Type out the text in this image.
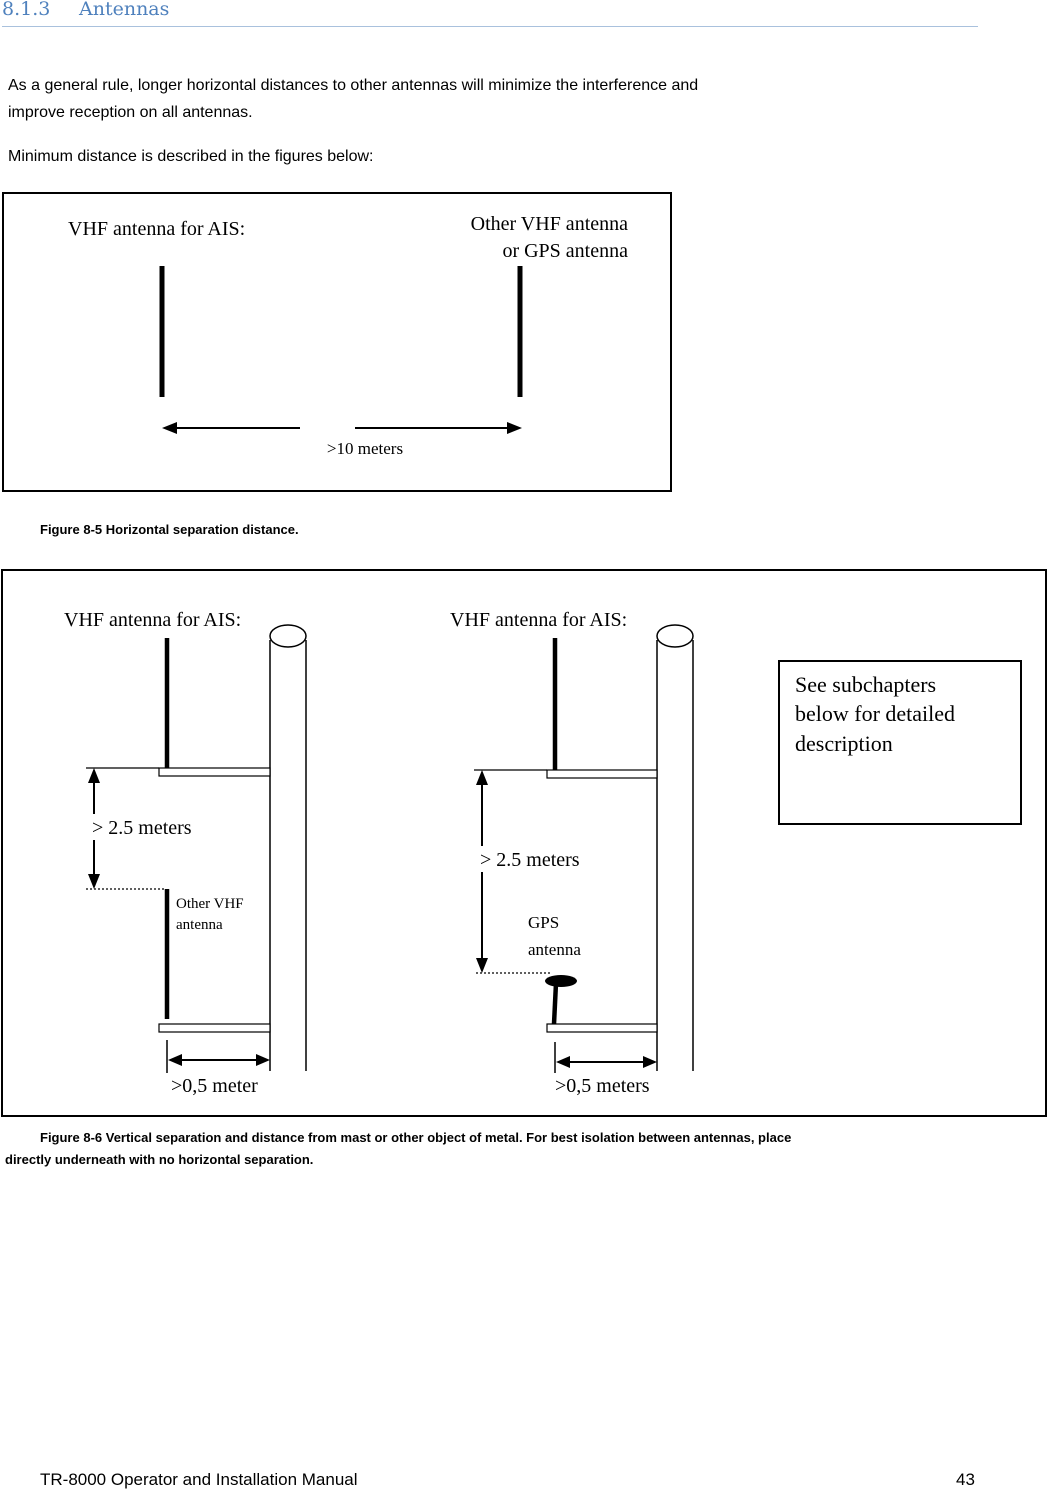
8.1.3 Antennas
As a general rule, longer horizontal distances to other antennas will minimize the interference and
improve reception on all antennas.
Minimum distance is described in the figures below:
VHF antenna for AIS:	Other VHF antenna
or GPS antenna
>10 meters
Figure 8-5 Horizontal separation distance.
VHF antenna for AIS:
> 2.5 meters
Other VHF
antenna
>0,5 meter
VHF antenna for AIS:
> 2.5 meters
GPS
antenna
>0,5 meters
See subchapters
below for detailed
description
Figure 8-6 Vertical separation and distance from mast or other object of metal. For best isolation between antennas, place
directly underneath with no horizontal separation.
TR-8000 Operator and Installation Manual	43
